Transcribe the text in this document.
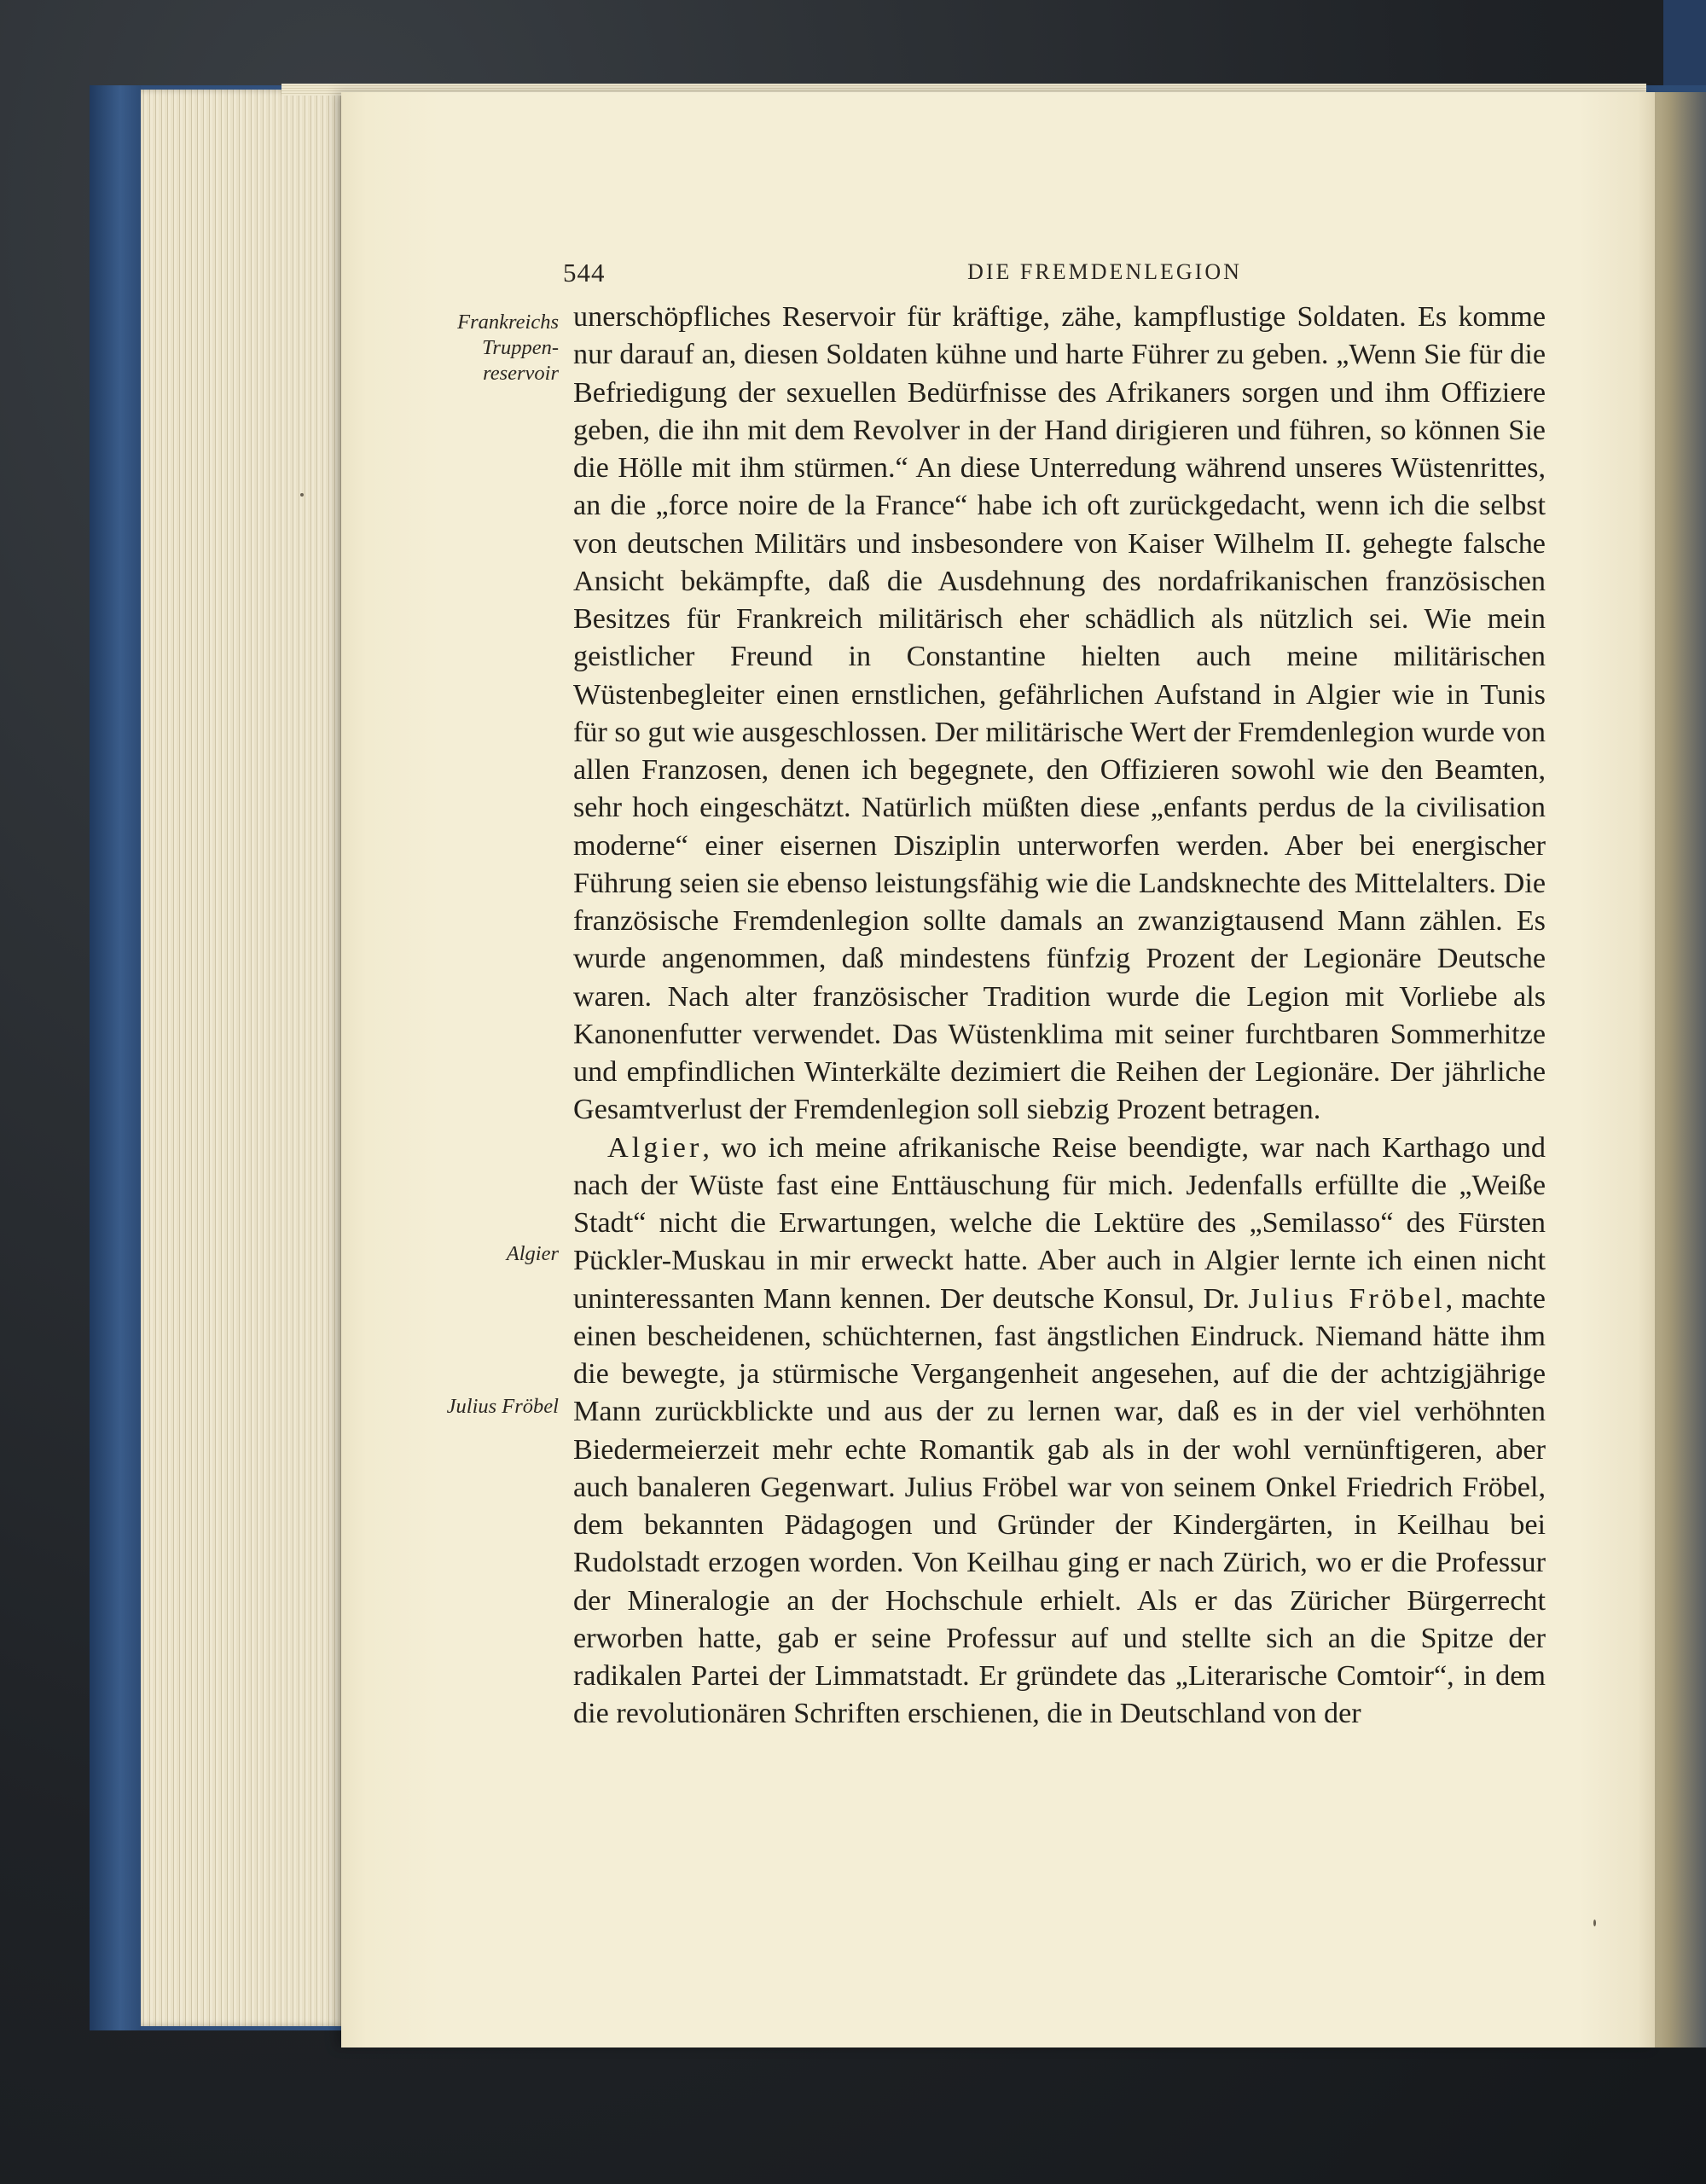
544	DIE FREMDENLEGION
Frankreichs
Truppen-
reservoir
Algier
Julius Fröbel

unerschöpfliches Reservoir für kräftige, zähe, kampflustige Soldaten. Es komme nur darauf an, diesen Soldaten kühne und harte Führer zu geben. „Wenn Sie für die Befriedigung der sexuellen Bedürfnisse des Afrikaners sorgen und ihm Offiziere geben, die ihn mit dem Revolver in der Hand dirigieren und führen, so können Sie die Hölle mit ihm stürmen.“ An diese Unterredung während unseres Wüstenrittes, an die „force noire de la France“ habe ich oft zurückgedacht, wenn ich die selbst von deutschen Militärs und insbesondere von Kaiser Wilhelm II. gehegte falsche Ansicht bekämpfte, daß die Ausdehnung des nordafrikanischen französischen Besitzes für Frankreich militärisch eher schädlich als nützlich sei. Wie mein geistlicher Freund in Constantine hielten auch meine militärischen Wüstenbegleiter einen ernstlichen, gefährlichen Aufstand in Algier wie in Tunis für so gut wie ausgeschlossen. Der militärische Wert der Fremdenlegion wurde von allen Franzosen, denen ich begegnete, den Offizieren sowohl wie den Beamten, sehr hoch eingeschätzt. Natürlich müßten diese „enfants perdus de la civilisation moderne“ einer eisernen Disziplin unterworfen werden. Aber bei energischer Führung seien sie ebenso leistungsfähig wie die Landsknechte des Mittelalters. Die französische Fremdenlegion sollte damals an zwanzigtausend Mann zählen. Es wurde angenommen, daß mindestens fünfzig Prozent der Legionäre Deutsche waren. Nach alter französischer Tradition wurde die Legion mit Vorliebe als Kanonenfutter verwendet. Das Wüstenklima mit seiner furchtbaren Sommerhitze und empfindlichen Winterkälte dezimiert die Reihen der Legionäre. Der jährliche Gesamtverlust der Fremdenlegion soll siebzig Prozent betragen.

Algier, wo ich meine afrikanische Reise beendigte, war nach Karthago und nach der Wüste fast eine Enttäuschung für mich. Jedenfalls erfüllte die „Weiße Stadt“ nicht die Erwartungen, welche die Lektüre des „Semilasso“ des Fürsten Pückler-Muskau in mir erweckt hatte. Aber auch in Algier lernte ich einen nicht uninteressanten Mann kennen. Der deutsche Konsul, Dr. Julius Fröbel, machte einen bescheidenen, schüchternen, fast ängstlichen Eindruck. Niemand hätte ihm die bewegte, ja stürmische Vergangenheit angesehen, auf die der achtzigjährige Mann zurückblickte und aus der zu lernen war, daß es in der viel verhöhnten Biedermeierzeit mehr echte Romantik gab als in der wohl vernünftigeren, aber auch banaleren Gegenwart. Julius Fröbel war von seinem Onkel Friedrich Fröbel, dem bekannten Pädagogen und Gründer der Kindergärten, in Keilhau bei Rudolstadt erzogen worden. Von Keilhau ging er nach Zürich, wo er die Professur der Mineralogie an der Hochschule erhielt. Als er das Züricher Bürgerrecht erworben hatte, gab er seine Professur auf und stellte sich an die Spitze der radikalen Partei der Limmatstadt. Er gründete das „Literarische Comtoir“, in dem die revolutionären Schriften erschienen, die in Deutschland von der
